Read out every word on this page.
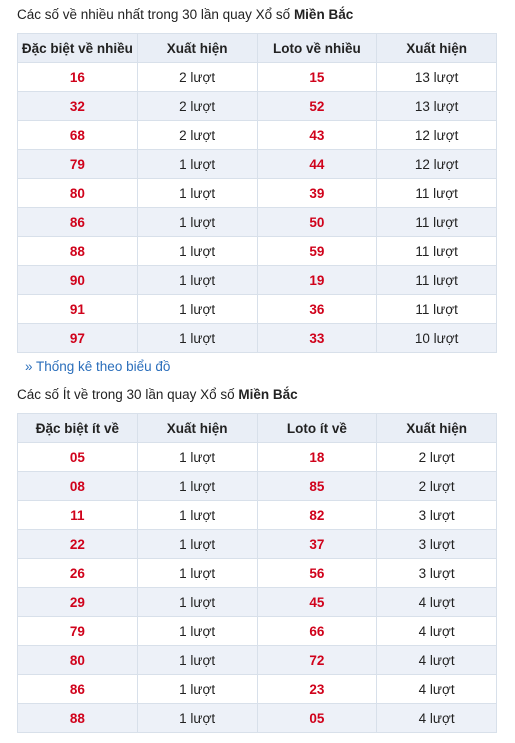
Các số về nhiều nhất trong 30 lần quay Xổ số Miền Bắc

Đặc biệt về nhiều	Xuất hiện	Loto về nhiều	Xuất hiện
16	2 lượt	15	13 lượt
32	2 lượt	52	13 lượt
68	2 lượt	43	12 lượt
79	1 lượt	44	12 lượt
80	1 lượt	39	11 lượt
86	1 lượt	50	11 lượt
88	1 lượt	59	11 lượt
90	1 lượt	19	11 lượt
91	1 lượt	36	11 lượt
97	1 lượt	33	10 lượt
» Thống kê theo biểu đồ

Các số Ít về trong 30 lần quay Xổ số Miền Bắc

Đặc biệt ít về	Xuất hiện	Loto ít về	Xuất hiện
05	1 lượt	18	2 lượt
08	1 lượt	85	2 lượt
11	1 lượt	82	3 lượt
22	1 lượt	37	3 lượt
26	1 lượt	56	3 lượt
29	1 lượt	45	4 lượt
79	1 lượt	66	4 lượt
80	1 lượt	72	4 lượt
86	1 lượt	23	4 lượt
88	1 lượt	05	4 lượt
